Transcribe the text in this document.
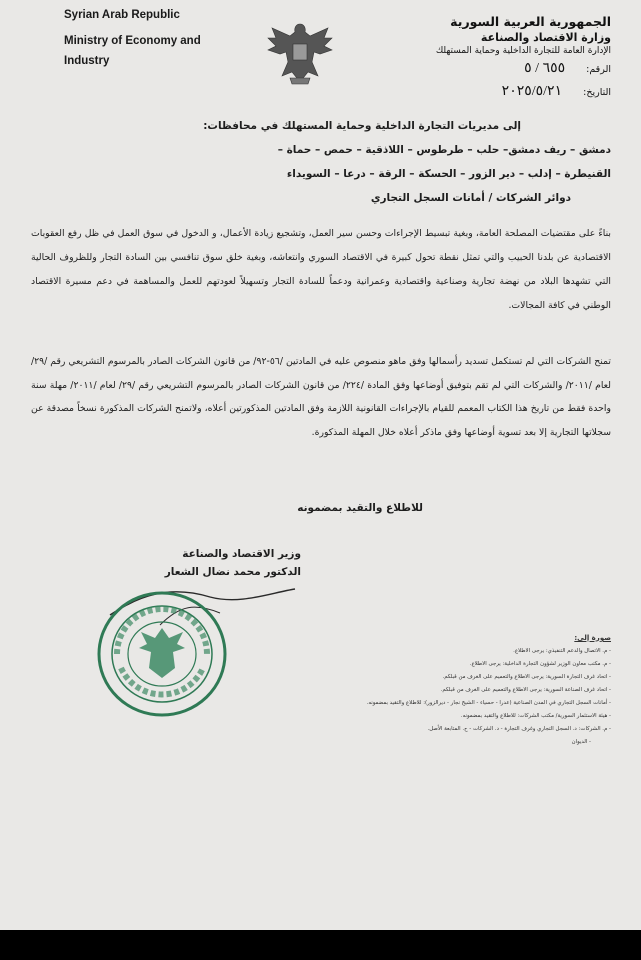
Syrian Arab Republic
Ministry of Economy and
Industry
الجمهورية العربية السورية
وزارة الاقتصاد والصناعة
الإدارة العامة للتجارة الداخلية وحماية المستهلك
الرقم: ٦٥٥ / ٥
التاريخ: ٢٠٢٥/٥/٢١
إلى مديريات التجارة الداخلية وحماية المستهلك في محافظات:
دمشق – ريف دمشق– حلب – طرطوس – اللاذقية – حمص – حماة –
القنيطرة – إدلب – دير الزور – الحسكة – الرقة – درعا – السويداء
دوائر الشركات / أمانات السجل التجاري
بناءً على مقتضيات المصلحة العامة، وبغية تبسيط الإجراءات وحسن سير العمل، وتشجيع زيادة الأعمال، و الدخول في سوق العمل في ظل رفع العقوبات الاقتصادية عن بلدنا الحبيب والتي تمثل نقطة تحول كبيرة في الاقتصاد السوري وانتعاشه، وبغية خلق سوق تنافسي بين السادة التجار وللظروف الحالية التي تشهدها البلاد من نهضة تجارية وصناعية واقتصادية وعمرانية ودعماً للسادة التجار وتسهيلاً لعودتهم للعمل والمساهمة في دعم مسيرة الاقتصاد الوطني في كافة المجالات.
تمنح الشركات التي لم تستكمل تسديد رأسمالها وفق ماهو منصوص عليه في المادتين /٥٦-٩٢/ من قانون الشركات الصادر بالمرسوم التشريعي رقم /٢٩/ لعام /٢٠١١/ والشركات التي لم تقم بتوفيق أوضاعها وفق المادة /٢٢٤/ من قانون الشركات الصادر بالمرسوم التشريعي رقم /٢٩/ لعام /٢٠١١/ مهلة سنة واحدة فقط من تاريخ هذا الكتاب المعمم للقيام بالإجراءات القانونية اللازمة وفق المادتين المذكورتين أعلاه، ولاتمنح الشركات المذكورة نسخاً مصدقة عن سجلاتها التجارية إلا بعد تسوية أوضاعها وفق ماذكر أعلاه خلال المهلة المذكورة.
للاطلاع والتقيد بمضمونه
وزير الاقتصاد والصناعة
الدكتور محمد نضال الشعار
صورة إلى:
- م. الاتصال والدعم التنفيذي: يرجى الاطلاع.
- م. مكتب معاون الوزير لشؤون التجارة الداخلية: يرجى الاطلاع.
- اتحاد غرف التجارة السورية: يرجى الاطلاع والتعميم على الغرف من قبلكم.
- اتحاد غرف الصناعة السورية: يرجى الاطلاع والتعميم على الغرف من قبلكم.
- أمانات السجل التجاري في المدن الصناعية (عدرا - حسياء - الشيخ نجار - ديرالزور): للاطلاع والتقيد بمضمونه.
- هيئة الاستثمار السورية/ مكتب الشركات: للاطلاع والتقيد بمضمونه.
- م. الشركات: د. السجل التجاري وغرف التجارة - د. الشركات - ح. المتابعة الأصل.
- الديوان
